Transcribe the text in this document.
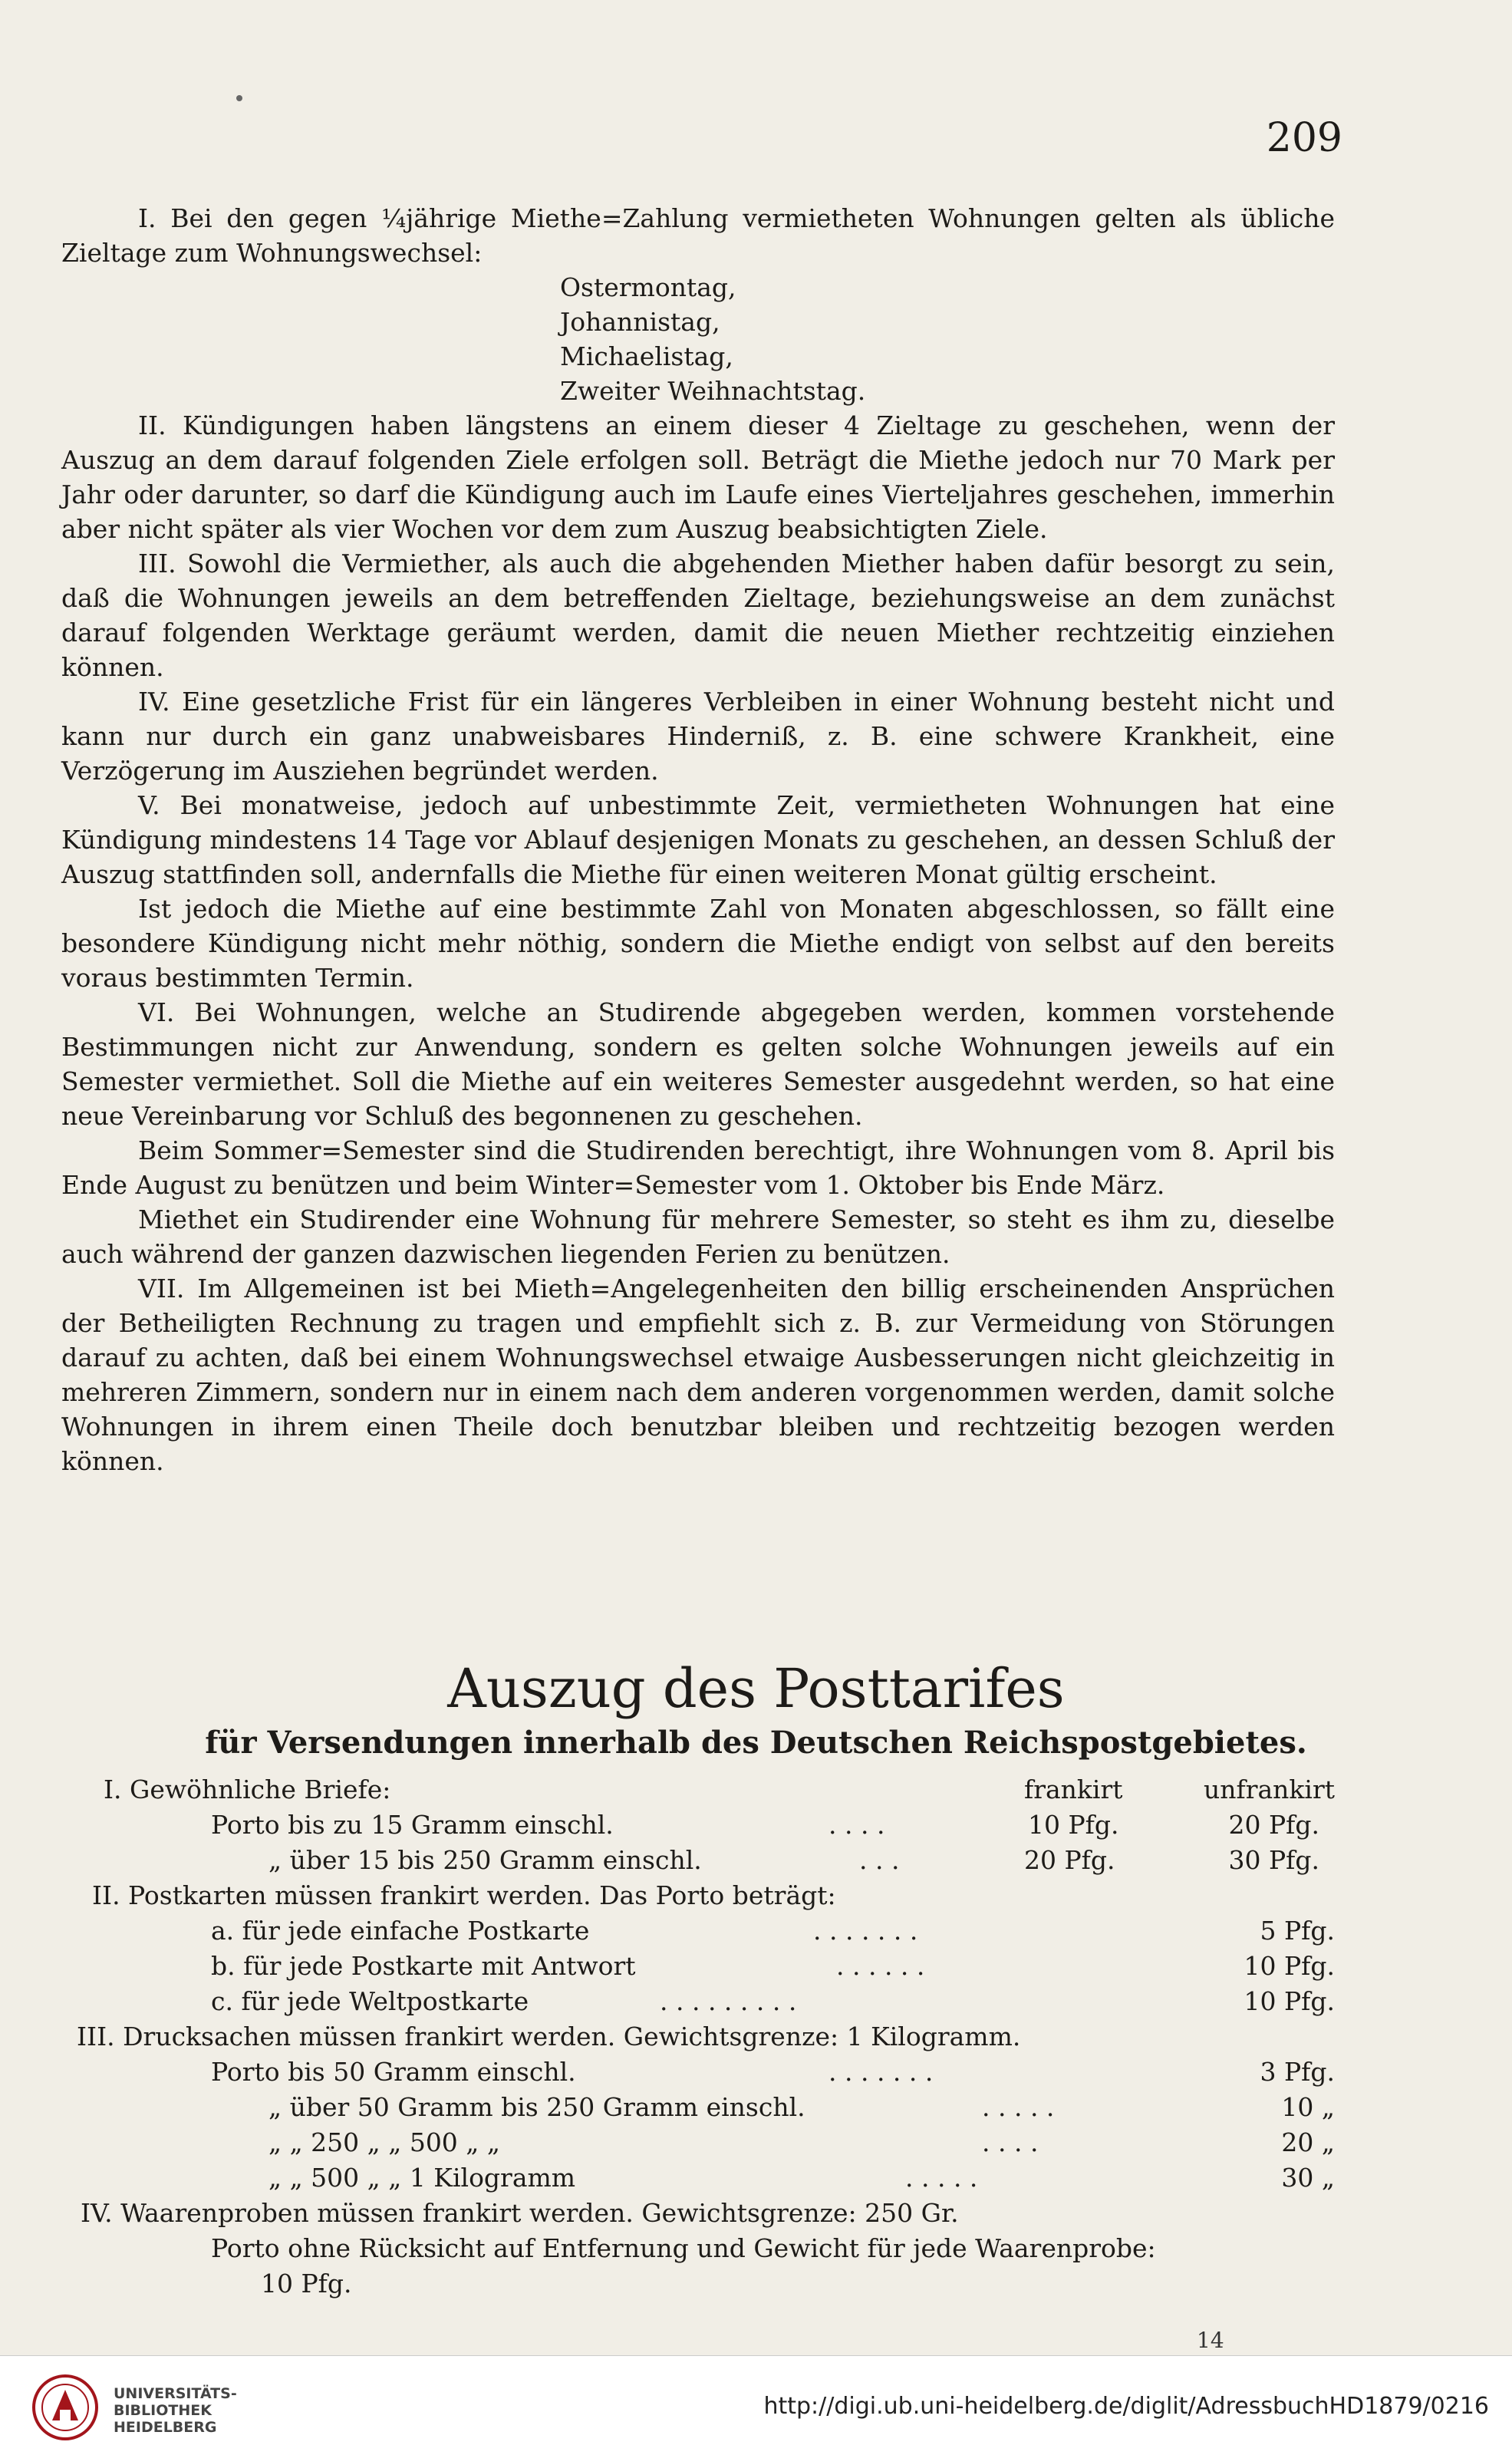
209

I. Bei den gegen ¼jährige Miethe=Zahlung vermietheten Wohnungen gelten als übliche Zieltage zum Wohnungswechsel:

Ostermontag,
Johannistag,
Michaelistag,
Zweiter Weihnachtstag.

II. Kündigungen haben längstens an einem dieser 4 Zieltage zu geschehen, wenn der Auszug an dem darauf folgenden Ziele erfolgen soll. Beträgt die Miethe jedoch nur 70 Mark per Jahr oder darunter, so darf die Kündigung auch im Laufe eines Vierteljahres geschehen, immerhin aber nicht später als vier Wochen vor dem zum Auszug beabsichtigten Ziele.

III. Sowohl die Vermiether, als auch die abgehenden Miether haben dafür besorgt zu sein, daß die Wohnungen jeweils an dem betreffenden Zieltage, beziehungsweise an dem zunächst darauf folgenden Werktage geräumt werden, damit die neuen Miether rechtzeitig einziehen können.

IV. Eine gesetzliche Frist für ein längeres Verbleiben in einer Wohnung besteht nicht und kann nur durch ein ganz unabweisbares Hinderniß, z. B. eine schwere Krankheit, eine Verzögerung im Ausziehen begründet werden.

V. Bei monatweise, jedoch auf unbestimmte Zeit, vermietheten Wohnungen hat eine Kündigung mindestens 14 Tage vor Ablauf desjenigen Monats zu geschehen, an dessen Schluß der Auszug stattfinden soll, andernfalls die Miethe für einen weiteren Monat gültig erscheint.

Ist jedoch die Miethe auf eine bestimmte Zahl von Monaten abgeschlossen, so fällt eine besondere Kündigung nicht mehr nöthig, sondern die Miethe endigt von selbst auf den bereits voraus bestimmten Termin.

VI. Bei Wohnungen, welche an Studirende abgegeben werden, kommen vorstehende Bestimmungen nicht zur Anwendung, sondern es gelten solche Wohnungen jeweils auf ein Semester vermiethet. Soll die Miethe auf ein weiteres Semester ausgedehnt werden, so hat eine neue Vereinbarung vor Schluß des begonnenen zu geschehen.

Beim Sommer=Semester sind die Studirenden berechtigt, ihre Wohnungen vom 8. April bis Ende August zu benützen und beim Winter=Semester vom 1. Oktober bis Ende März.

Miethet ein Studirender eine Wohnung für mehrere Semester, so steht es ihm zu, dieselbe auch während der ganzen dazwischen liegenden Ferien zu benützen.

VII. Im Allgemeinen ist bei Mieth=Angelegenheiten den billig erscheinenden Ansprüchen der Betheiligten Rechnung zu tragen und empfiehlt sich z. B. zur Vermeidung von Störungen darauf zu achten, daß bei einem Wohnungswechsel etwaige Ausbesserungen nicht gleichzeitig in mehreren Zimmern, sondern nur in einem nach dem anderen vorgenommen werden, damit solche Wohnungen in ihrem einen Theile doch benutzbar bleiben und rechtzeitig bezogen werden können.

Auszug des Posttarifes
für Versendungen innerhalb des Deutschen Reichspostgebietes.
I. Gewöhnliche Briefe:	frankirt	unfrankirt
Porto bis zu 15 Gramm einschl.	. . . .	10 Pfg.	20 Pfg.
„ über 15 bis 250 Gramm einschl.	. . .	20 Pfg.	30 Pfg.
II. Postkarten müssen frankirt werden. Das Porto beträgt:
a. für jede einfache Postkarte	. . . . . . .	5 Pfg.
b. für jede Postkarte mit Antwort	. . . . . .	10 Pfg.
c. für jede Weltpostkarte	. . . . . . . . .	10 Pfg.
III. Drucksachen müssen frankirt werden. Gewichtsgrenze: 1 Kilogramm.
Porto bis 50 Gramm einschl.	. . . . . . .	3 Pfg.
„ über 50 Gramm bis 250 Gramm einschl.	. . . . .	10 „
„ „ 250 „ „ 500 „ „	. . . .	20 „
„ „ 500 „ „ 1 Kilogramm	. . . . .	30 „
IV. Waarenproben müssen frankirt werden. Gewichtsgrenze: 250 Gr.
Porto ohne Rücksicht auf Entfernung und Gewicht für jede Waarenprobe:
10 Pfg.
14
UNIVERSITÄTS-
BIBLIOTHEK
HEIDELBERG
http://digi.ub.uni-heidelberg.de/diglit/AdressbuchHD1879/0216
